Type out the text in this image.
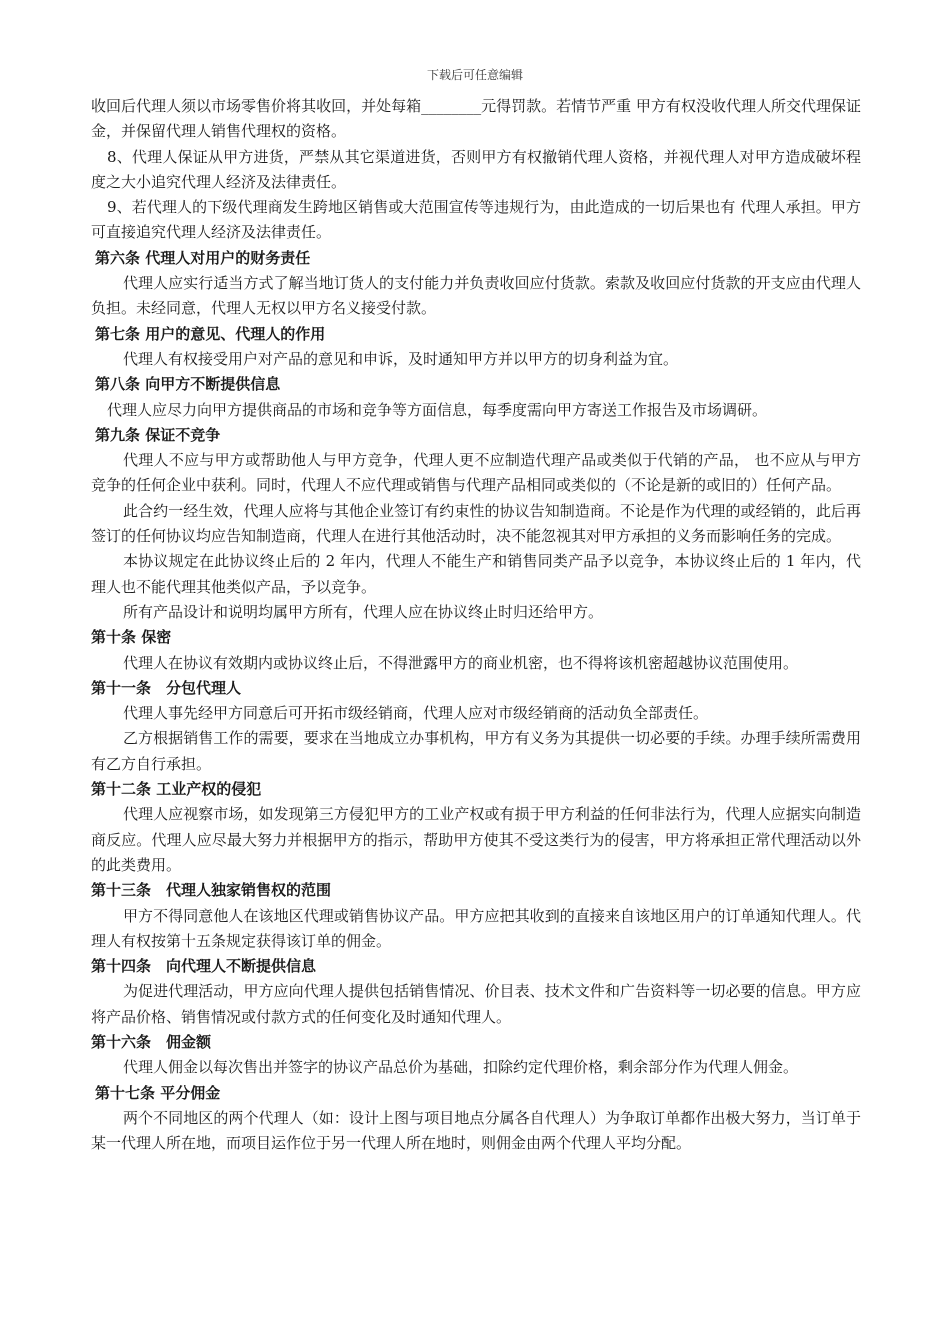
下载后可任意编辑

收回后代理人须以市场零售价将其收回，并处每箱________元得罚款。若情节严重 甲方有权没收代理人所交代理保证金，并保留代理人销售代理权的资格。

8、代理人保证从甲方进货，严禁从其它渠道进货，否则甲方有权撤销代理人资格，并视代理人对甲方造成破坏程度之大小追究代理人经济及法律责任。

9、若代理人的下级代理商发生跨地区销售或大范围宣传等违规行为，由此造成的一切后果也有 代理人承担。甲方可直接追究代理人经济及法律责任。

第六条 代理人对用户的财务责任

代理人应实行适当方式了解当地订货人的支付能力并负责收回应付货款。索款及收回应付货款的开支应由代理人负担。未经同意，代理人无权以甲方名义接受付款。

第七条 用户的意见、代理人的作用

代理人有权接受用户对产品的意见和申诉，及时通知甲方并以甲方的切身利益为宜。

第八条 向甲方不断提供信息

代理人应尽力向甲方提供商品的市场和竞争等方面信息，每季度需向甲方寄送工作报告及市场调研。

第九条 保证不竞争

代理人不应与甲方或帮助他人与甲方竞争，代理人更不应制造代理产品或类似于代销的产品， 也不应从与甲方竞争的任何企业中获利。同时，代理人不应代理或销售与代理产品相同或类似的（不论是新的或旧的）任何产品。

此合约一经生效，代理人应将与其他企业签订有约束性的协议告知制造商。不论是作为代理的或经销的，此后再签订的任何协议均应告知制造商，代理人在进行其他活动时，决不能忽视其对甲方承担的义务而影响任务的完成。

本协议规定在此协议终止后的 2 年内，代理人不能生产和销售同类产品予以竞争，本协议终止后的 1 年内，代理人也不能代理其他类似产品，予以竞争。

所有产品设计和说明均属甲方所有，代理人应在协议终止时归还给甲方。

第十条 保密

代理人在协议有效期内或协议终止后，不得泄露甲方的商业机密，也不得将该机密超越协议范围使用。

第十一条　分包代理人

代理人事先经甲方同意后可开拓市级经销商，代理人应对市级经销商的活动负全部责任。

乙方根据销售工作的需要，要求在当地成立办事机构，甲方有义务为其提供一切必要的手续。办理手续所需费用有乙方自行承担。

第十二条 工业产权的侵犯

代理人应视察市场，如发现第三方侵犯甲方的工业产权或有损于甲方利益的任何非法行为，代理人应据实向制造商反应。代理人应尽最大努力并根据甲方的指示，帮助甲方使其不受这类行为的侵害，甲方将承担正常代理活动以外的此类费用。

第十三条　代理人独家销售权的范围

甲方不得同意他人在该地区代理或销售协议产品。甲方应把其收到的直接来自该地区用户的订单通知代理人。代理人有权按第十五条规定获得该订单的佣金。

第十四条　向代理人不断提供信息

为促进代理活动，甲方应向代理人提供包括销售情况、价目表、技术文件和广告资料等一切必要的信息。甲方应将产品价格、销售情况或付款方式的任何变化及时通知代理人。

第十六条　佣金额

代理人佣金以每次售出并签字的协议产品总价为基础，扣除约定代理价格，剩余部分作为代理人佣金。

第十七条 平分佣金

两个不同地区的两个代理人（如：设计上图与项目地点分属各自代理人）为争取订单都作出极大努力，当订单于某一代理人所在地，而项目运作位于另一代理人所在地时，则佣金由两个代理人平均分配。
